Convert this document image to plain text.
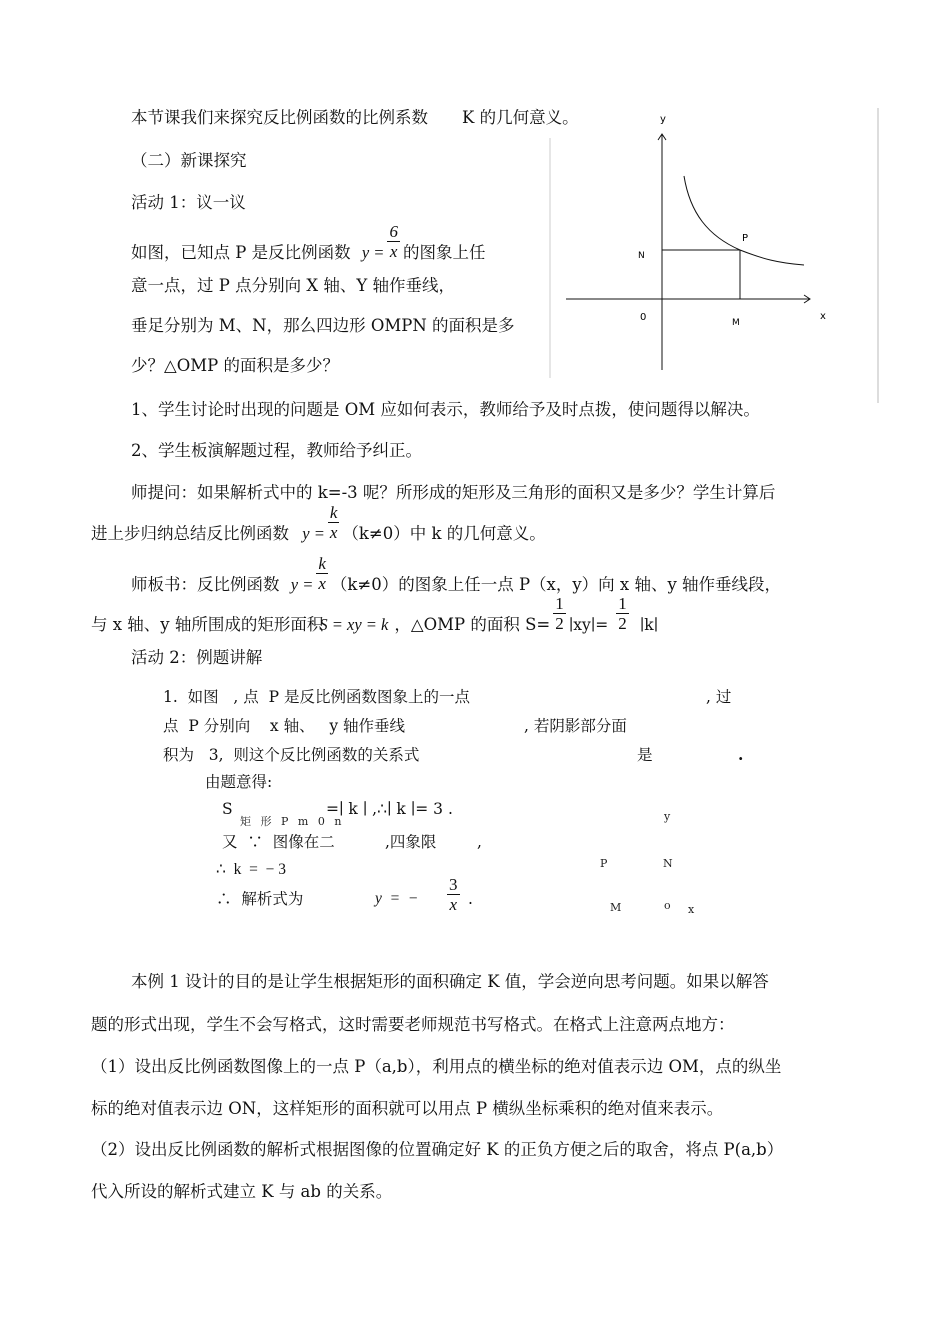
本节课我们来探究反比例函数的比例系数 K 的几何意义。
（二）新课探究
活动 1：议一议
如图，已知点 P 是反比例函数 $y = \frac{6}{x}$ 的图象上任
意一点，过 P 点分别向 X 轴、Y 轴作垂线，
垂足分别为 M、N，那么四边形 OMPN 的面积是多
少？△OMP 的面积是多少？
y
x
0
P
N
M
1、学生讨论时出现的问题是 OM 应如何表示，教师给予及时点拨，使问题得以解决。
2、学生板演解题过程，教师给予纠正。
师提问：如果解析式中的 k=-3 呢？所形成的矩形及三角形的面积又是多少？学生计算后
进上步归纳总结反比例函数 $y = \frac{k}{x} (k\ne 0)$中 k 的几何意义。
师板书：反比例函数 $y = \frac{k}{x} (k\ne 0)$的图象上任一点 P（x，y）向 x 轴、y 轴作垂线段，
与 x 轴、y 轴所围成的矩形面积S = xy = k ，△OMP 的面积 $S= \frac{1}{2}$ ∣xy∣= $\frac{1}{2}$ ∣k∣
活动 2：例题讲解
1.  如图   , 点  P 是反比例函数图象上的一点	, 过
点  P 分别向    x 轴、   y 轴作垂线	, 若阴影部分面
积为   3,  则这个反比例函数的关系式	是	.
由题意得:
S
矩 形 P m 0 n
=∣ k ∣ ,∴∣ k ∣= 3 .
又  ∵  图像在二	,四象限	,
∴  k  =  − 3
∴  解析式为	y  =  − $\frac{3}{x}$ .
y
P	N
M	o x
本例 1 设计的目的是让学生根据矩形的面积确定 K 值，学会逆向思考问题。如果以解答
题的形式出现，学生不会写格式，这时需要老师规范书写格式。在格式上注意两点地方：
（1）设出反比例函数图像上的一点 P（a,b），利用点的横坐标的绝对值表示边 OM，点的纵坐
标的绝对值表示边 ON，这样矩形的面积就可以用点 P 横纵坐标乘积的绝对值来表示。
（2）设出反比例函数的解析式根据图像的位置确定好 K 的正负方便之后的取舍，将点 P(a,b）
代入所设的解析式建立 K 与 ab 的关系。
